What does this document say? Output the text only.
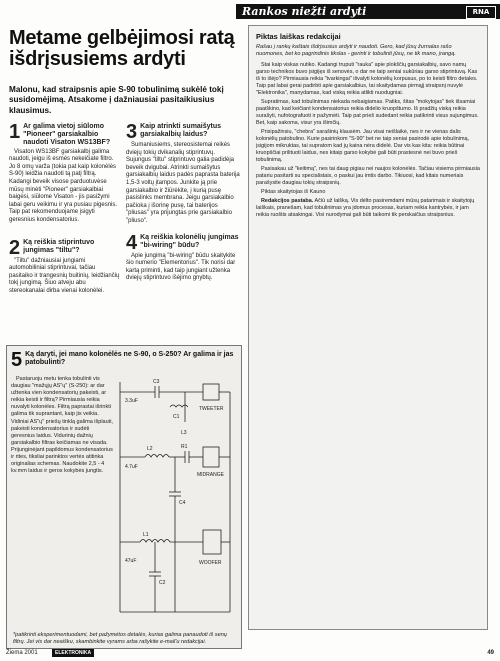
Rankos niežti ardyti	RNA
Metame gelbėjimosi ratą išdrįsusiems ardyti
Malonu, kad straipsnis apie S-90 tobulinimą sukėlė tokį susidomėjimą. Atsakome į dažniausiai pasitaikiusius klausimus.
1 Ar galima vietoj siūlomo "Pioneer" garsiakalbio naudoti Visaton WS13BF?

Visaton WS13BF garsiakalbį galima naudoti, jeigu iš esmės nekeičiate filtro. Jo 8 omų varža (tokia pat kaip kolonėlės S-90) leidžia naudoti tą patį filtrą. Kadangi beveik visose parduotuvėse mūsų minėti "Pioneer" garsiakalbiai baigėsi, siūlome Visaton - jis pasižymi labai geru veikimu ir yra pusiau pigesnis. Taip pat rekomenduojame įsigyti geresnius kondensatorius.

2 Ką reiškia stiprintuvo jungimas "tiltu"?

"Tiltu" dažniausiai jungiami automobiliniai stiprintuvai, tačiau pasitaiko ir trangesnių buitinių, leidžiančių tokį jungimą. Šiuo atveju abu stereokanalai dirba vienai kolonėlei.

3 Kaip atrinkti sumaišytus garsiakalbių laidus?

Sumaniusiems, stereosistemai reikės dviejų tokių dvikanalių stiprintuvų. Sujungus "tiltu" stiprintuvo galia padidėja beveik dvigubai. Atrinkti sumaišytus garsiakalbių laidus padės paprasta baterija 1,5-3 voltų įtampos. Junkite ją prie garsiakalbio ir žiūrėkite, į kurią pusę pasislinks membrana. Jeigu garsiakalbio pačioka į išorinę pusę, tai baterijos "pliusas" yra prijungtas prie garsiakalbio "pliuso".

4 Ką reiškia kolonėlių jungimas "bi-wiring" būdu?

Apie jungimą "bi-wiring" būdu skaitykite šio numerio "Elementorius". Tik norisi dar kartą priminti, kad taip jungiant užtenka dviejų stiprintuvo išėjimo gnybtų.

5 Ką daryti, jei mano kolonėlės ne S-90, o S-250? Ar galima ir jas patobulinti?

Pastaruoju metu tenka tobulinti vis daugiau "mažųjų AS"ų" (S-250): ar dar užtenka vien kondensatorių pakeisti, ar reikia keisti ir filtrą? Pirmiausia reikia nuvalyti kolonėles. Filtrą paprastai išrinkti galima tik suprantant, kaip jis veikia. Vidiniai AS"ų" priešų tinklą galima išplauti, pakeisti kondensatorius ir sudėti geresnius laidus. Vidurinių dažnių garsiakalbio filtras keičiamas ne visada. Prijunginėjant papildomus kondensatorius ir rites, tiksliai parinktos vertės atitinka originalias schemas. Naudokite 2,5 - 4 kv.mm laidus ir geros kokybės jungtis.

C3
C1
L2
L1
R1
C4
C2
L3
3.3uF
4.7uF
47uF
TWEETER
MIDRANGE
WOOFER
*patikrinti eksperimentuodami, bet pažymėtos detalės, kurias galima panaudoti iš senų filtrų. Jei vis dar neaišku, skambinkite vyrams arba rašykite e-mail'u redakcijai.
Piktas laiškas redakcijai
Rašau į rankų kaštais išdrįsusius ardyti ir naudoti. Gero, kad jūsų žurnalas rašo nuomones, bet ko pagrindinis tikslas - gerinti ir tobulinti jūsų, ne tik mano, įrangą.

Stai kaip viskas nutiko. Kadangi truputi "rauka" apie plokščių garsiakalbių, savo namų garso technikos buvo įsigijęs iš senovės, o dar ne taip seniai sukūriau garso stiprintuvą. Kas iš to išėjo? Pirmiausia reikia "tvarkingai" išvalyti kolonėlių korpusus, po to keisti filtro detales. Taip pat labai gerai padirbti apie garsiakalbius, tai skaitydamas pirmąjį straipsnį nuvylė "Elektronika", manydamas, kad viską reikia atlikti nuodugniai.

Supratimas, kad tobulinimas niekada nebaigiamas. Patiks, šitas "mokytojas" tiek išsamiai paaiškino, kad keičiant kondensatorius reikia didelio kruopštumo. Iš pradžių viską reikia surašyti, nufotografuoti ir pažymėti. Taip pat prieš sudedant reikia patikrinti visus sujungimus. Bet, kaip sakoma, visur yra išimčių.

Prisipažinsiu, "chebra" sarašinių klausėm. Jau visai neišlaikė, nes ir ne vienas dalis kolonėlių patobulino. Kurie pasirinkom "S-90" bet ne taip seniai pasirodė apie tobulinimą, įsigijom mikruktas, tai supratom kad jų kaina nėra didelė. Dar vis kas kita: reikia būtinai kruopščiai prilituoti laidus, nes kitaip garso kokybė gali būti prastesnė nei buvo prieš tobulinimą.

Pasisakau už "keitimą", nes tai daug pigiau nei naujos kolonėlės. Tačiau visiems pirmiausia patariu pasitarti su specialistais, o paskui jau imtis darbo. Tikiuosi, kad kitais numeriais parašysite daugiau tokių straipsnių.

Piktas skaitytojas iš Kauno

Redakcijos pastaba. Ačiū už laišką. Vis dėlto pasiremdami mūsų patarimais ir skaitytojų laiškais, pranešam, kad tobulinimas yra įdomus procesas, kuriam reikia kantrybės, ir jam reikia ruoštis atsakingai. Visi nurodymai gali būti taikomi tik perskaičius straipsnius.

Žiema 2001	ELEKTRONIKA	49
